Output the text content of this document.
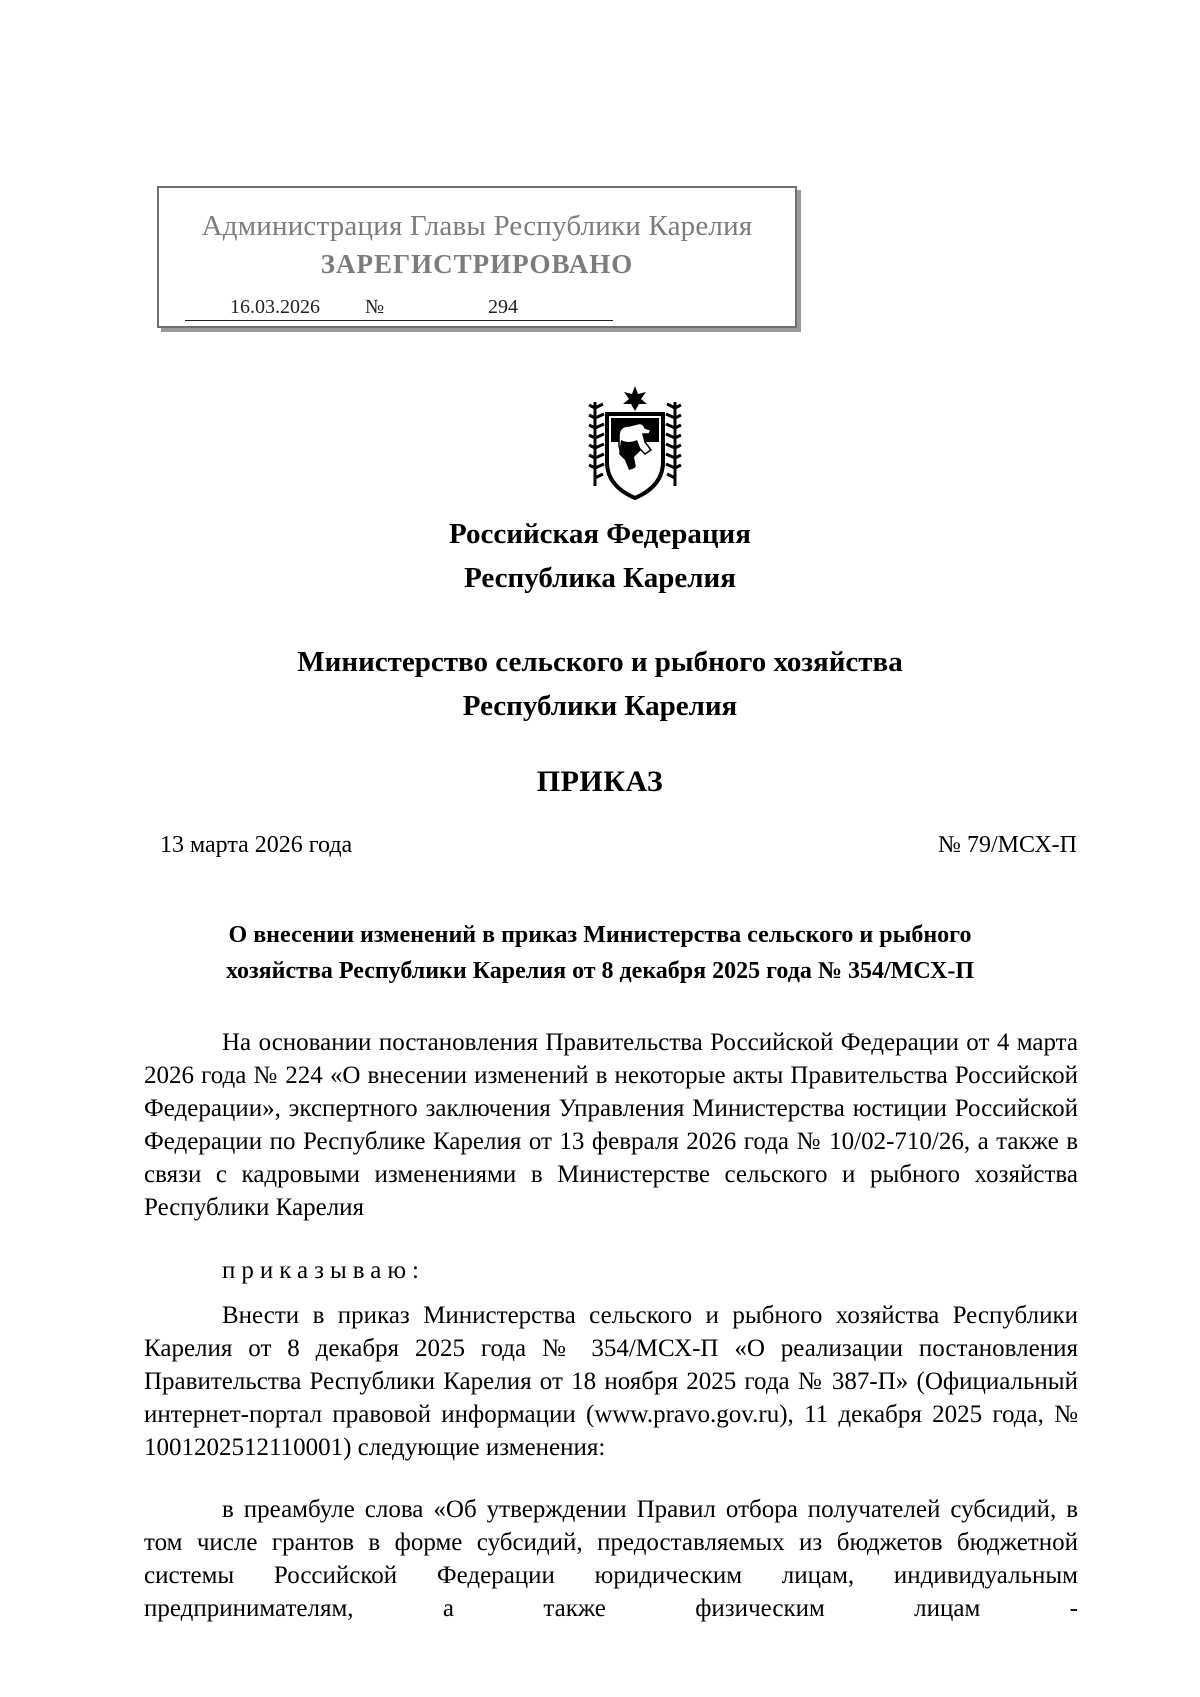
Администрация Главы Республики Карелия
ЗАРЕГИСТРИРОВАНО
16.03.2026	№	294
Российская Федерация
Республика Карелия
Министерство сельского и рыбного хозяйства
Республики Карелия
ПРИКАЗ
13 марта 2026 года	№ 79/МСХ-П
О внесении изменений в приказ Министерства сельского и рыбного
хозяйства Республики Карелия от 8 декабря 2025 года № 354/МСХ-П

На основании постановления Правительства Российской Федерации от 4 марта 2026 года № 224 «О внесении изменений в некоторые акты Правительства Российской Федерации», экспертного заключения Управления Министерства юстиции Российской Федерации по Республике Карелия от 13 февраля 2026 года № 10/02-710/26, а также в связи с кадровыми изменениями в Министерстве сельского и рыбного хозяйства Республики Карелия

приказываю:

Внести в приказ Министерства сельского и рыбного хозяйства Республики Карелия от 8 декабря 2025 года № 354/МСХ-П «О реализации постановления Правительства Республики Карелия от 18 ноября 2025 года № 387-П» (Официальный интернет-портал правовой информации (www.pravo.gov.ru), 11 декабря 2025 года, № 1001202512110001) следующие изменения:

в преамбуле слова «Об утверждении Правил отбора получателей субсидий, в том числе грантов в форме субсидий, предоставляемых из бюджетов бюджетной системы Российской Федерации юридическим лицам, индивидуальным предпринимателям, а также физическим лицам -
